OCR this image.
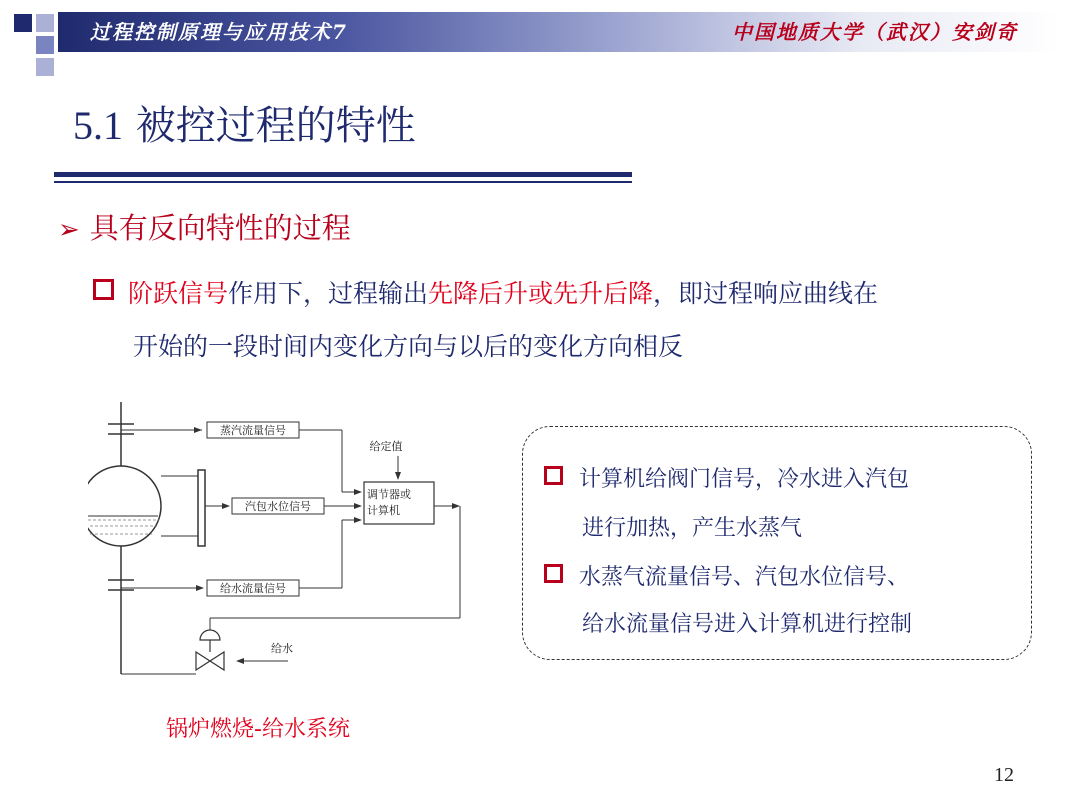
过程控制原理与应用技术7	中国地质大学（武汉）安剑奇
5.1 被控过程的特性
➢ 具有反向特性的过程
阶跃信号作用下，过程输出先降后升或先升后降，即过程响应曲线在
开始的一段时间内变化方向与以后的变化方向相反
蒸汽流量信号
汽包水位信号
给定值
调节器或
计算机
给水流量信号
给水
锅炉燃烧-给水系统
计算机给阀门信号，冷水进入汽包
进行加热，产生水蒸气
水蒸气流量信号、汽包水位信号、
给水流量信号进入计算机进行控制
12
